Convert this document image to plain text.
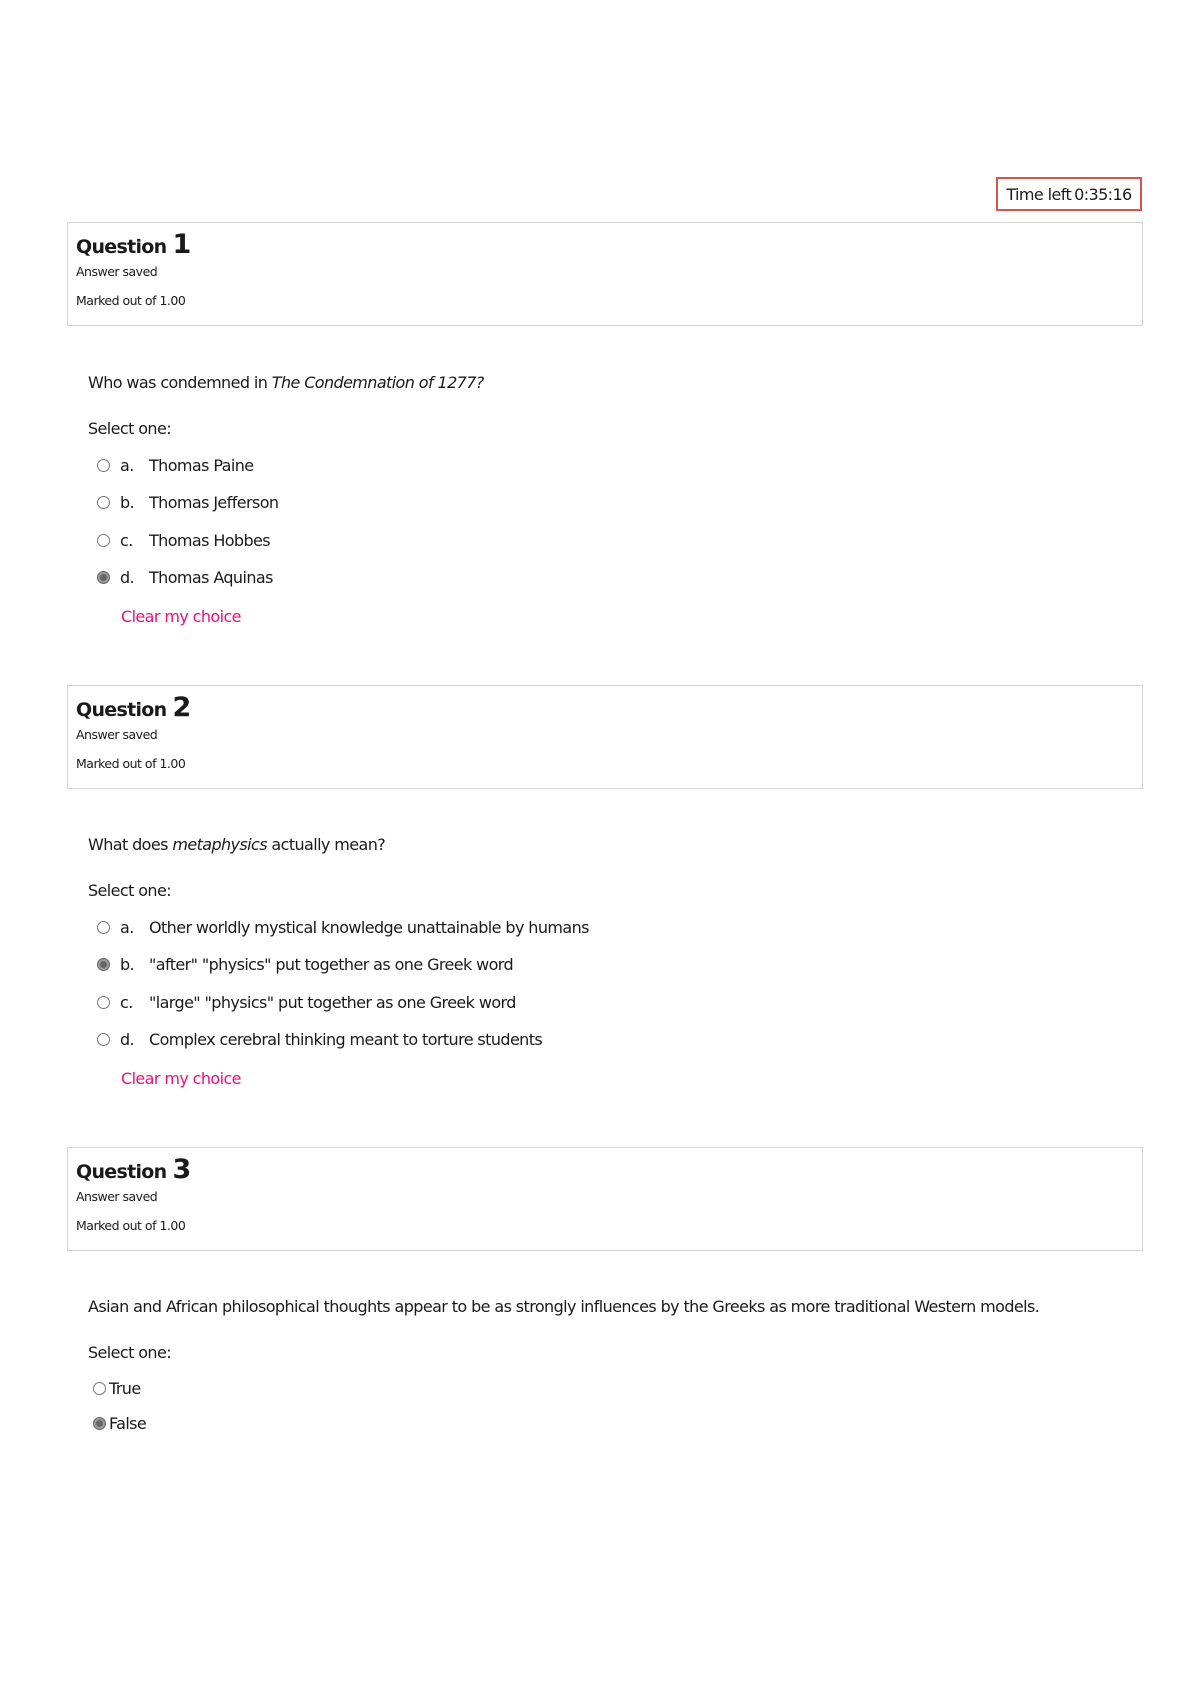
Time left 0:35:16
Question 1
Answer saved
Marked out of 1.00
Who was condemned in The Condemnation of 1277?
Select one:
a. Thomas Paine
b. Thomas Jefferson
c.	Thomas Hobbes
d. Thomas Aquinas
Clear my choice
Question 2
Answer saved
Marked out of 1.00
What does metaphysics actually mean?
Select one:
a. Other worldly mystical knowledge unattainable by humans
b. "after" "physics" put together as one Greek word
c.	"large" "physics" put together as one Greek word
d. Complex cerebral thinking meant to torture students
Clear my choice
Question 3
Answer saved
Marked out of 1.00
Asian and African philosophical thoughts appear to be as strongly influences by the Greeks as more traditional Western models.
Select one:
True
False
